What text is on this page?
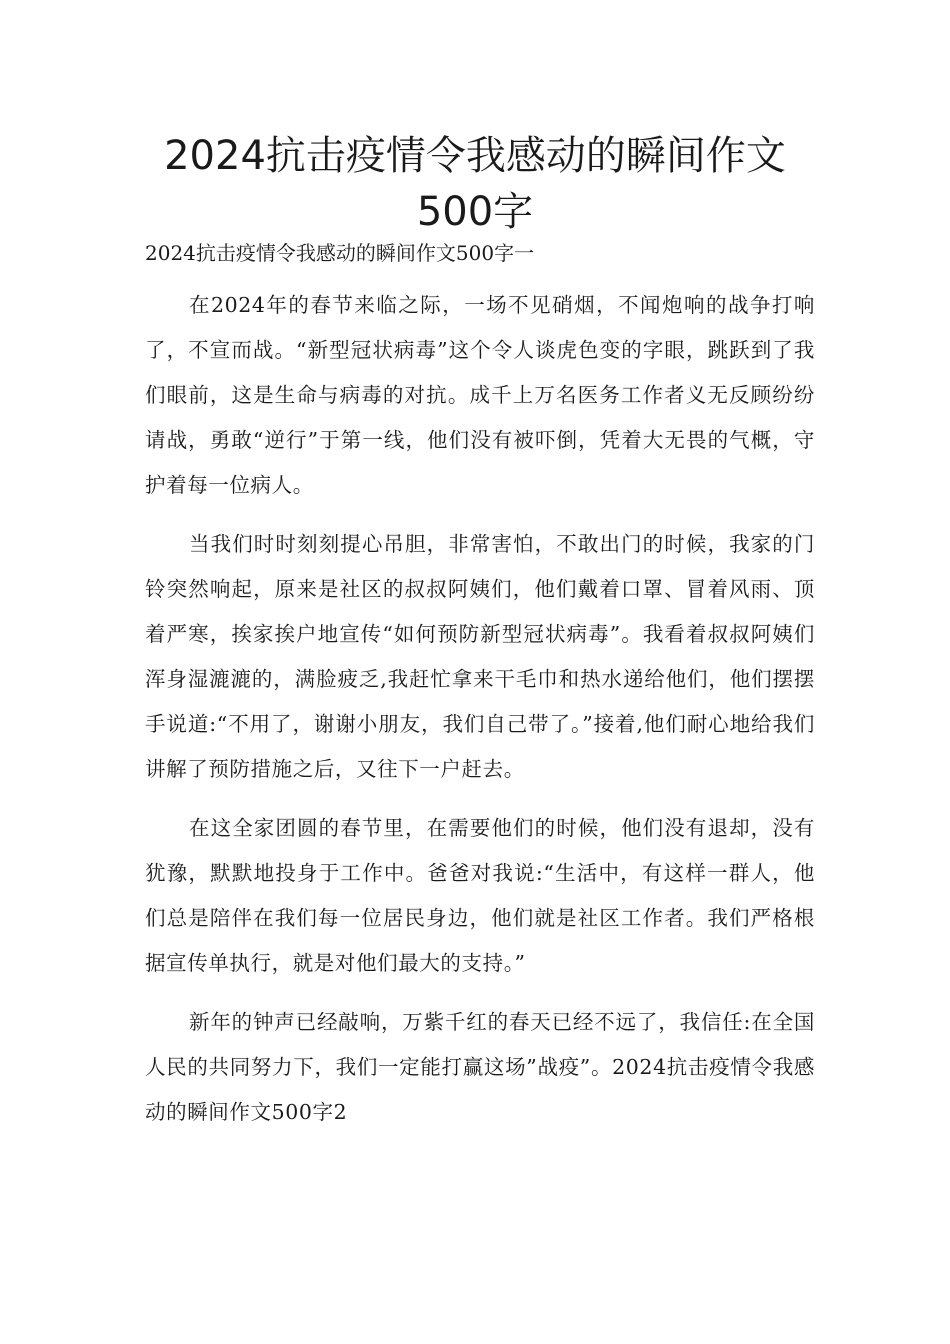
2024抗击疫情令我感动的瞬间作文500字

2024抗击疫情令我感动的瞬间作文500字一

在2024年的春节来临之际，一场不见硝烟，不闻炮响的战争打响了，不宣而战。“新型冠状病毒”这个令人谈虎色变的字眼，跳跃到了我们眼前，这是生命与病毒的对抗。成千上万名医务工作者义无反顾纷纷请战，勇敢“逆行”于第一线，他们没有被吓倒，凭着大无畏的气概，守护着每一位病人。

当我们时时刻刻提心吊胆，非常害怕，不敢出门的时候，我家的门铃突然响起，原来是社区的叔叔阿姨们，他们戴着口罩、冒着风雨、顶着严寒，挨家挨户地宣传“如何预防新型冠状病毒”。我看着叔叔阿姨们浑身湿漉漉的，满脸疲乏,我赶忙拿来干毛巾和热水递给他们，他们摆摆手说道:“不用了，谢谢小朋友，我们自己带了。”接着,他们耐心地给我们讲解了预防措施之后，又往下一户赶去。

在这全家团圆的春节里，在需要他们的时候，他们没有退却，没有犹豫，默默地投身于工作中。爸爸对我说:“生活中，有这样一群人，他们总是陪伴在我们每一位居民身边，他们就是社区工作者。我们严格根据宣传单执行，就是对他们最大的支持。”

新年的钟声已经敲响，万紫千红的春天已经不远了，我信任:在全国人民的共同努力下，我们一定能打赢这场”战疫”。2024抗击疫情令我感动的瞬间作文500字2
